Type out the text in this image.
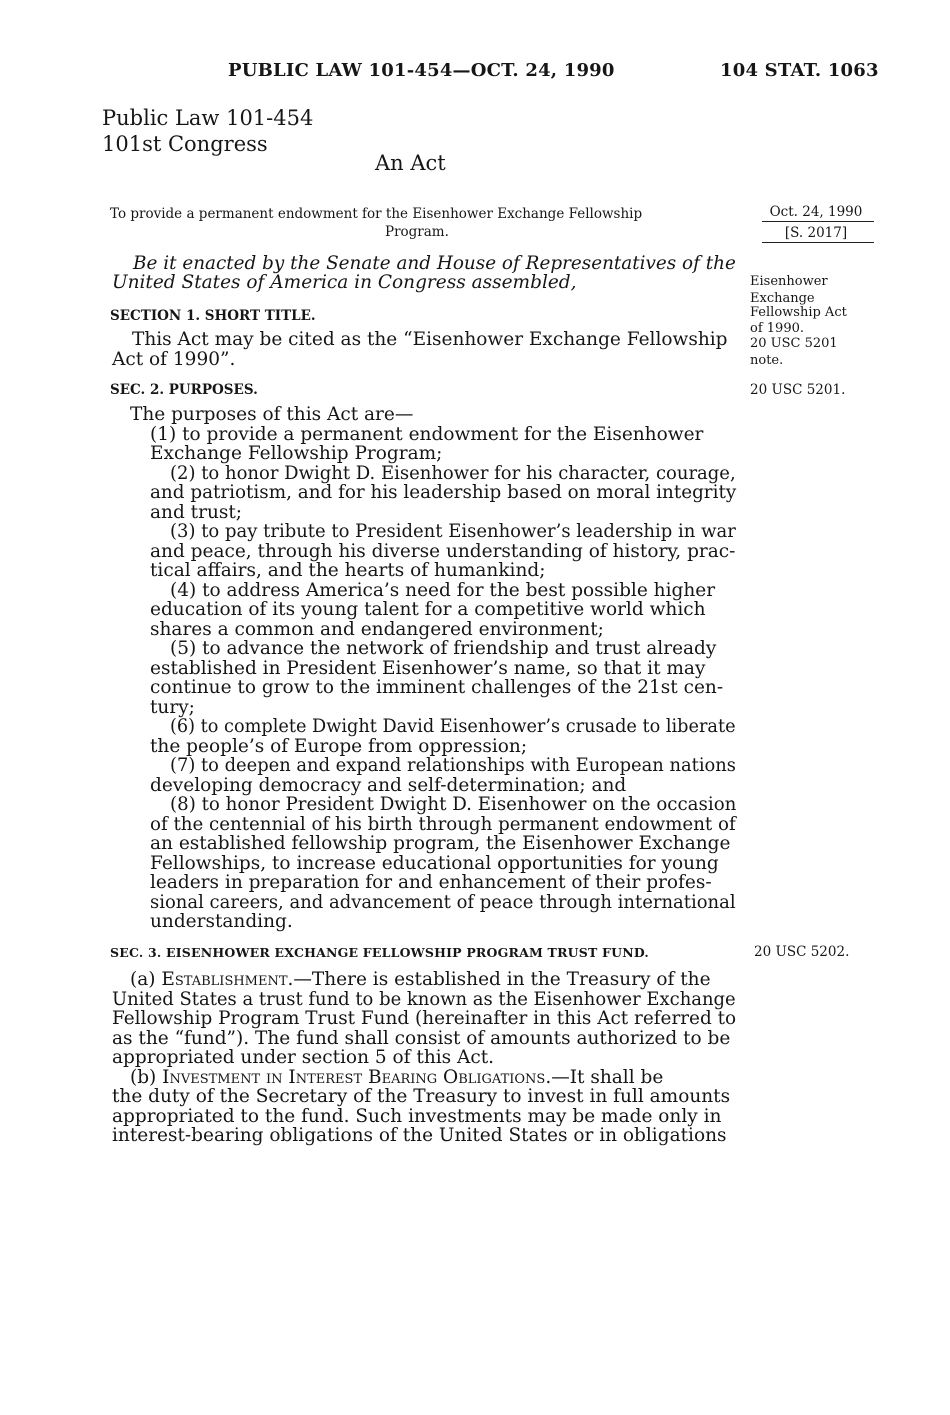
PUBLIC LAW 101-454—OCT. 24, 1990	104 STAT. 1063
Public Law 101-454
101st Congress
An Act
To provide a permanent endowment for the Eisenhower Exchange Fellowship
Program.
Oct. 24, 1990
[S. 2017]
Be it enacted by the Senate and House of Representatives of the
United States of America in Congress assembled,	Eisenhower
Exchange
Fellowship Act
of 1990.
20 USC 5201
note.
SECTION 1. SHORT TITLE.
This Act may be cited as the “Eisenhower Exchange Fellowship
Act of 1990”.
SEC. 2. PURPOSES.	20 USC 5201.
The purposes of this Act are—
(1) to provide a permanent endowment for the Eisenhower
Exchange Fellowship Program;
(2) to honor Dwight D. Eisenhower for his character, courage,
and patriotism, and for his leadership based on moral integrity
and trust;
(3) to pay tribute to President Eisenhower’s leadership in war
and peace, through his diverse understanding of history, prac-
tical affairs, and the hearts of humankind;
(4) to address America’s need for the best possible higher
education of its young talent for a competitive world which
shares a common and endangered environment;
(5) to advance the network of friendship and trust already
established in President Eisenhower’s name, so that it may
continue to grow to the imminent challenges of the 21st cen-
tury;
(6) to complete Dwight David Eisenhower’s crusade to liberate
the people’s of Europe from oppression;
(7) to deepen and expand relationships with European nations
developing democracy and self-determination; and
(8) to honor President Dwight D. Eisenhower on the occasion
of the centennial of his birth through permanent endowment of
an established fellowship program, the Eisenhower Exchange
Fellowships, to increase educational opportunities for young
leaders in preparation for and enhancement of their profes-
sional careers, and advancement of peace through international
understanding.
SEC. 3. EISENHOWER EXCHANGE FELLOWSHIP PROGRAM TRUST FUND.	20 USC 5202.
(a) Establishment.—There is established in the Treasury of the
United States a trust fund to be known as the Eisenhower Exchange
Fellowship Program Trust Fund (hereinafter in this Act referred to
as the “fund”). The fund shall consist of amounts authorized to be
appropriated under section 5 of this Act.
(b) Investment in Interest Bearing Obligations.—It shall be
the duty of the Secretary of the Treasury to invest in full amounts
appropriated to the fund. Such investments may be made only in
interest-bearing obligations of the United States or in obligations
